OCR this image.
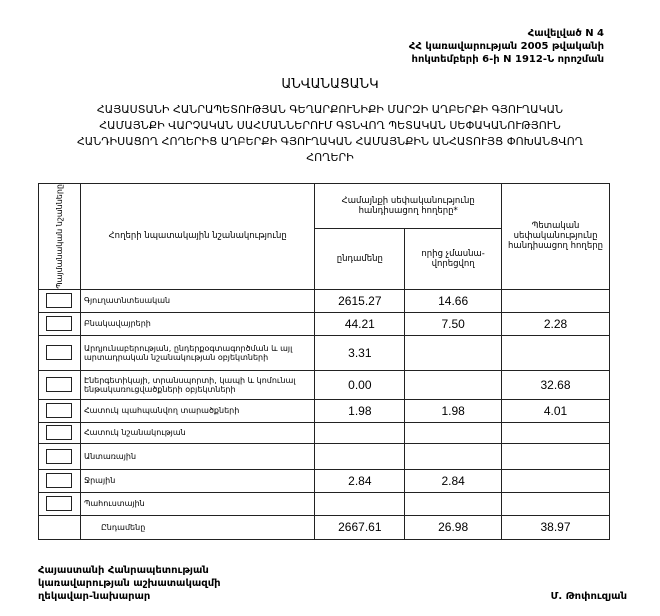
Հավելված N 4
ՀՀ կառավարության 2005 թվականի
հոկտեմբերի 6-ի N 1912-Ն որոշման
ԱՆՎԱՆԱՑԱՆԿ
ՀԱՅԱՍՏԱՆԻ ՀԱՆՐԱՊԵՏՈՒԹՅԱՆ ԳԵՂԱՐՔՈՒՆԻՔԻ ՄԱՐԶԻ ԱՂԲԵՐՔԻ ԳՅՈՒՂԱԿԱՆ
ՀԱՄԱՅՆՔԻ ՎԱՐՉԱԿԱՆ ՍԱՀՄԱՆՆԵՐՈՒՄ ԳՏՆՎՈՂ ՊԵՏԱԿԱՆ ՍԵՓԱԿԱՆՈՒԹՅՈՒՆ
ՀԱՆԴԻՍԱՑՈՂ ՀՈՂԵՐԻՑ ԱՂԲԵՐՔԻ ԳՅՈՒՂԱԿԱՆ ՀԱՄԱՅՆՔԻՆ ԱՆՀԱՏՈՒՅՑ ՓՈԽԱՆՑՎՈՂ
ՀՈՂԵՐԻ
Պայմանական նշանները	Հողերի նպատակային նշանակությունը	Համայնքի սեփականությունը հանդիսացող հողերը*		Պետական սեփականությունը հանդիսացող հողերը
		ընդամենը	որից չմասնա-վորեցվող	

	Գյուղատնտեսական	2615.27	14.66	

	Բնակավայրերի	44.21	7.50	2.28

	Արդյունաբերության, ընդերքօգտագործման և այլ արտադրական նշանակության օբյեկտների	3.31		

	Էներգետիկայի, տրանսպորտի, կապի և կոմունալ ենթակառուցվածքների օբյեկտների	0.00		32.68

	Հատուկ պահպանվող տարածքների	1.98	1.98	4.01

	Հատուկ նշանակության			

	Անտառային			

	Ջրային	2.84	2.84	

	Պահուստային			
	Ընդամենը	2667.61	26.98	38.97
Հայաստանի Հանրապետության
կառավարության աշխատակազմի
ղեկավար-նախարար	Մ. Թոփուզյան
